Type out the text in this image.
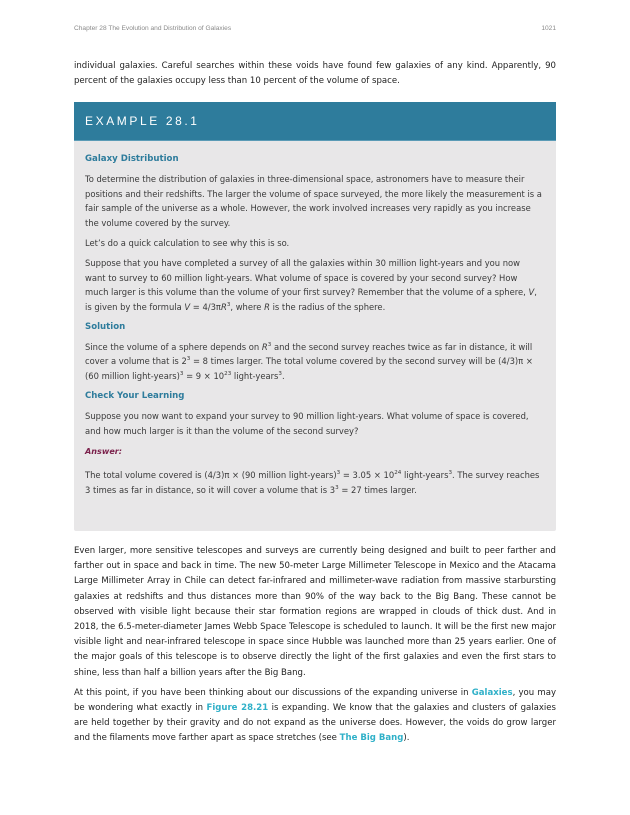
Chapter 28 The Evolution and Distribution of Galaxies	1021

individual galaxies. Careful searches within these voids have found few galaxies of any kind. Apparently, 90 percent of the galaxies occupy less than 10 percent of the volume of space.

EXAMPLE 28.1
Galaxy Distribution

To determine the distribution of galaxies in three-dimensional space, astronomers have to measure their positions and their redshifts. The larger the volume of space surveyed, the more likely the measurement is a fair sample of the universe as a whole. However, the work involved increases very rapidly as you increase the volume covered by the survey.

Let’s do a quick calculation to see why this is so.

Suppose that you have completed a survey of all the galaxies within 30 million light-years and you now want to survey to 60 million light-years. What volume of space is covered by your second survey? How much larger is this volume than the volume of your first survey? Remember that the volume of a sphere, V, is given by the formula $V = 4/3\pi R^3$, where R is the radius of the sphere.

Solution

Since the volume of a sphere depends on $R^3$ and the second survey reaches twice as far in distance, it will cover a volume that is $2^3 = 8$ times larger. The total volume covered by the second survey will be (4/3)π × (60 million light-years)$^3$ = $9 \times 10^{23}$ light-years$^3$.

Check Your Learning

Suppose you now want to expand your survey to 90 million light-years. What volume of space is covered, and how much larger is it than the volume of the second survey?

Answer:

The total volume covered is (4/3)π × (90 million light-years)$^3$ = $3.05 \times 10^{24}$ light-years$^3$. The survey reaches 3 times as far in distance, so it will cover a volume that is $3^3 = 27$ times larger.

Even larger, more sensitive telescopes and surveys are currently being designed and built to peer farther and farther out in space and back in time. The new 50-meter Large Millimeter Telescope in Mexico and the Atacama Large Millimeter Array in Chile can detect far-infrared and millimeter-wave radiation from massive starbursting galaxies at redshifts and thus distances more than 90% of the way back to the Big Bang. These cannot be observed with visible light because their star formation regions are wrapped in clouds of thick dust. And in 2018, the 6.5-meter-diameter James Webb Space Telescope is scheduled to launch. It will be the first new major visible light and near-infrared telescope in space since Hubble was launched more than 25 years earlier. One of the major goals of this telescope is to observe directly the light of the first galaxies and even the first stars to shine, less than half a billion years after the Big Bang.

At this point, if you have been thinking about our discussions of the expanding universe in Galaxies, you may be wondering what exactly in Figure 28.21 is expanding. We know that the galaxies and clusters of galaxies are held together by their gravity and do not expand as the universe does. However, the voids do grow larger and the filaments move farther apart as space stretches (see The Big Bang).
